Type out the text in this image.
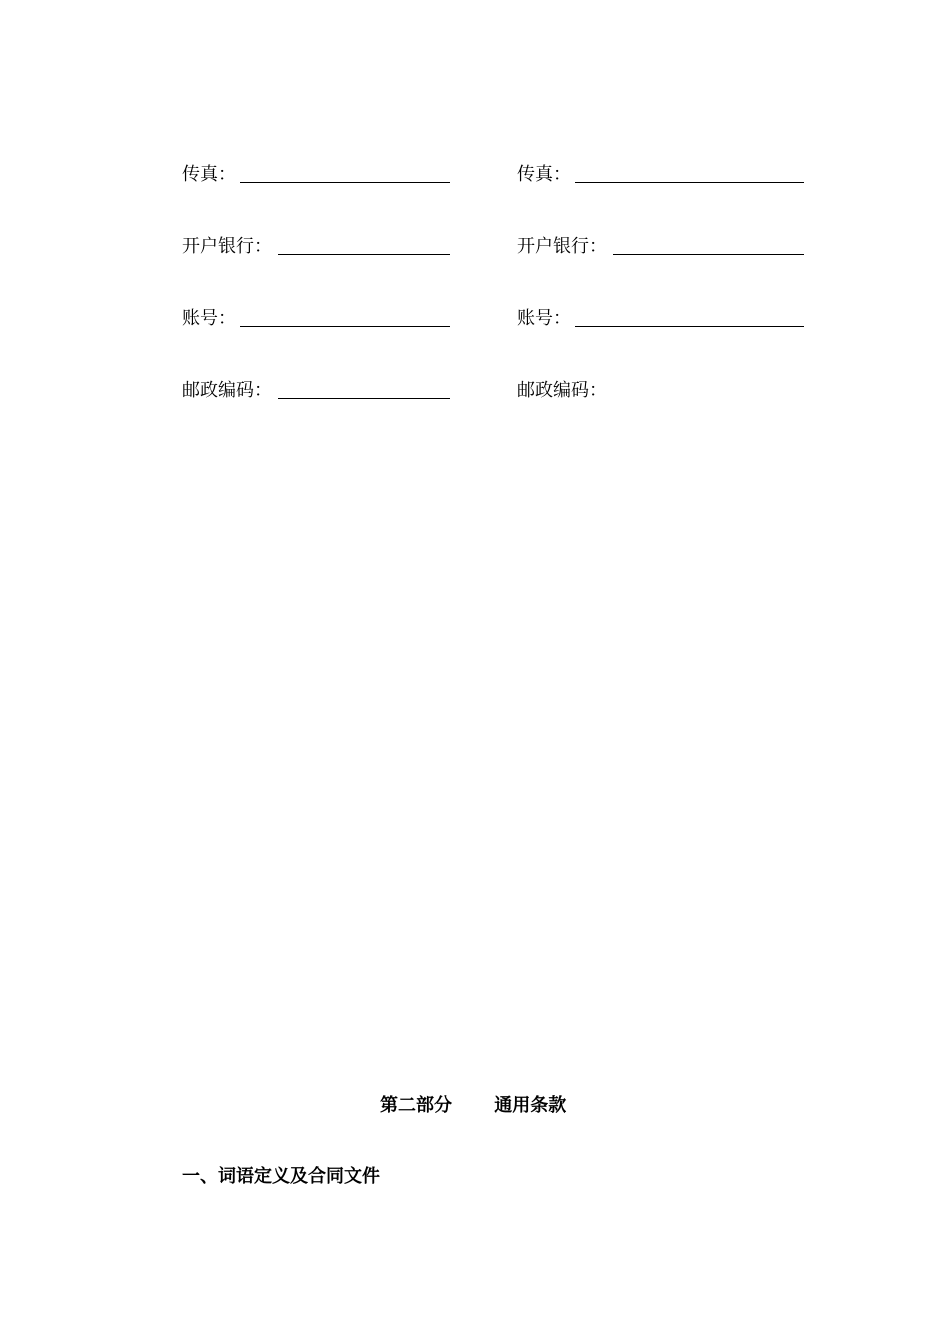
传真：
开户银行：
账号：
邮政编码：
传真：
开户银行：
账号：
邮政编码：
第二部分 通用条款
一、词语定义及合同文件
